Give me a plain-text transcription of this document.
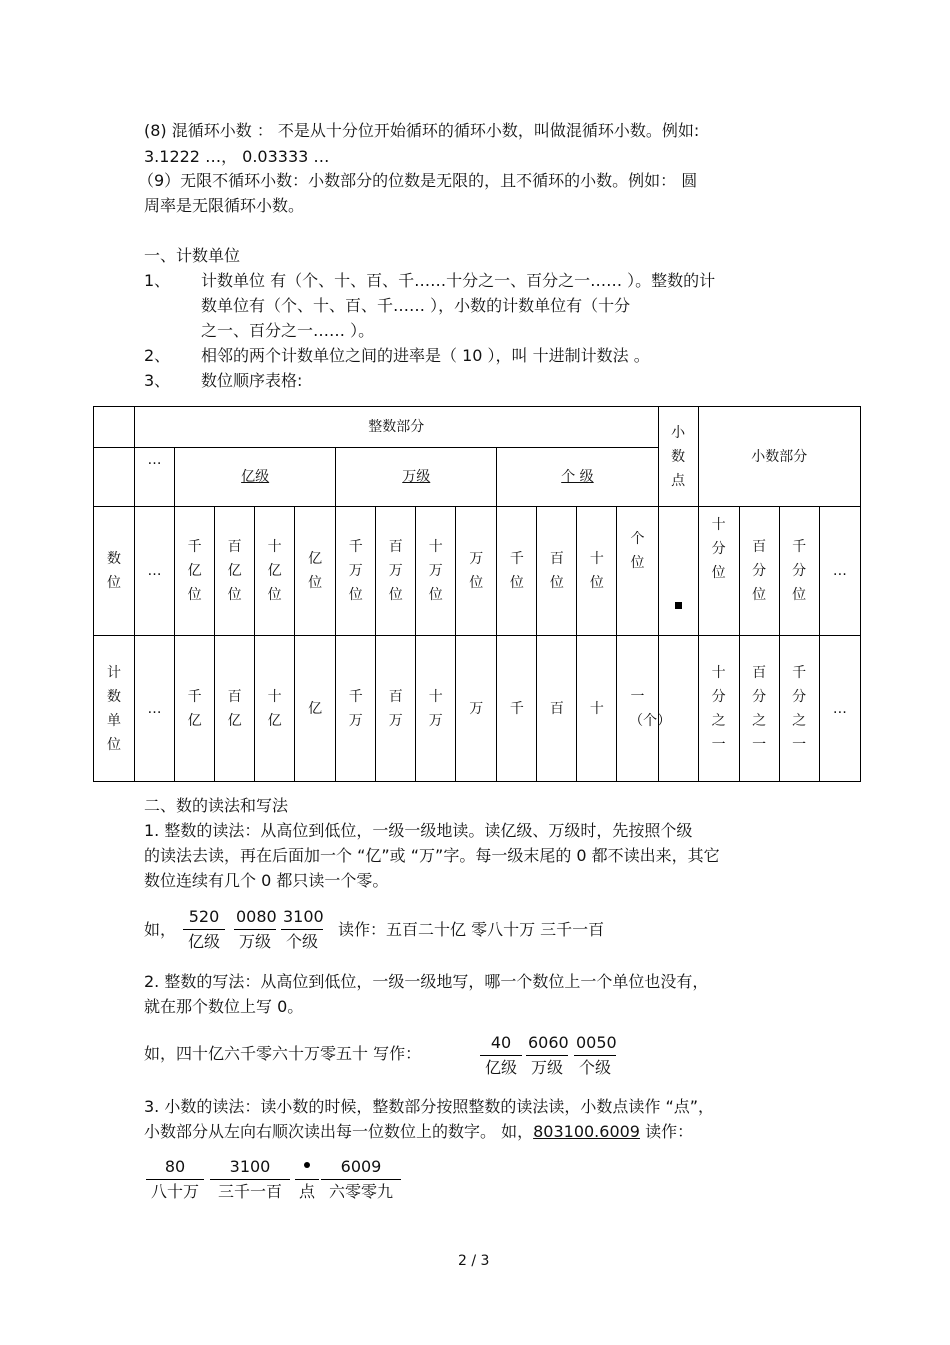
(8) 混循环小数 ： 不是从十分位开始循环的循环小数，叫做混循环小数。例如:
3.1222 …， 0.03333 …
（9）无限不循环小数：小数部分的位数是无限的，且不循环的小数。例如： 圆
周率是无限循环小数。
一、计数单位
1、 计数单位 有（个、十、百、千……十分之一、百分之一…… ）。整数的计
数单位有（个、十、百、千…… ），小数的计数单位有（十分
之一、百分之一…… ）。
2、 相邻的两个计数单位之间的进率是（ 10 ），叫 十进制计数法 。
3、 数位顺序表格:
	整数部分													小数点	小数部分			
	…	亿级				万级				个 级								
数位	…	千亿位	百亿位	十亿位	亿位	千万位	百万位	十万位	万位	千位	百位	十位	个位		十分位	百分位	千分位	…
计数单位	…	千亿	百亿	十亿	亿	千万	百万	十万	万	千	百	十	一（个）		十分之一	百分之一	千分之一	…
二、数的读法和写法
1. 整数的读法：从高位到低位，一级一级地读。读亿级、万级时，先按照个级
的读法去读，再在后面加一个 “亿”或 “万”字。每一级末尾的 0 都不读出来，其它
数位连续有几个 0 都只读一个零。
如，
520
亿级
0080
万级
3100
个级
读作：五百二十亿 零八十万 三千一百
2. 整数的写法：从高位到低位，一级一级地写，哪一个数位上一个单位也没有，
就在那个数位上写 0。
如，四十亿六千零六十万零五十 写作：
40
亿级
6060
万级
0050
个级
3. 小数的读法：读小数的时候，整数部分按照整数的读法读，小数点读作 “点”，
小数部分从左向右顺次读出每一位数位上的数字。 如，803100.6009 读作：
80
八十万
3100
三千一百	点
6009
六零零九
2 / 3
